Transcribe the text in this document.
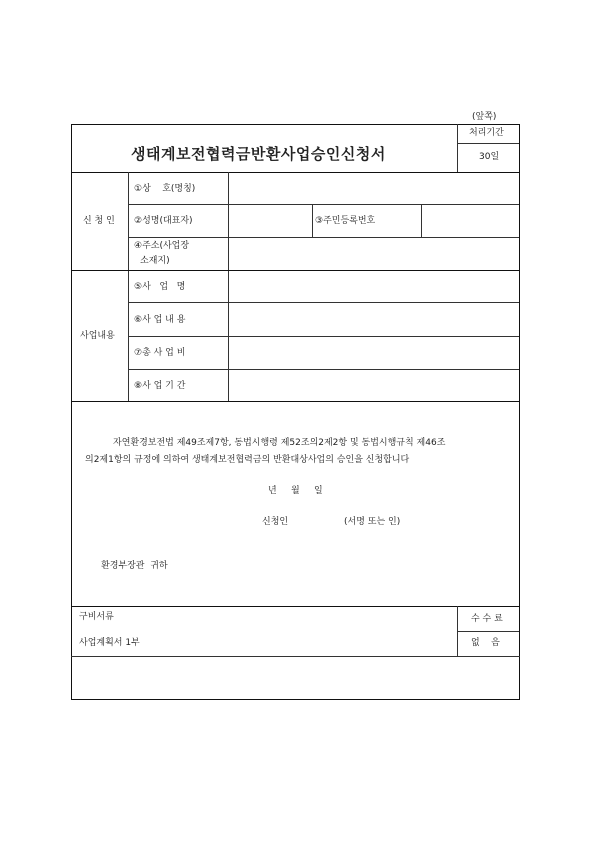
(앞쪽)
생태계보전협력금반환사업승인신청서
처리기간
30일
신 청 인
①상    호(명칭)
②성명(대표자)	③주민등록번호
④주소(사업장
소재지)
사업내용
⑤사   업   명
⑥사 업 내 용
⑦총 사 업 비
⑧사 업 기 간
자연환경보전법 제49조제7항, 동법시행령 제52조의2제2항 및 동법시행규칙 제46조
의2제1항의 규정에 의하여 생태계보전협력금의 반환대상사업의 승인을 신청합니다
년     월     일
신청인	(서명 또는 인)
환경부장관  귀하
구비서류
사업계획서 1부
수 수 료
없    음
